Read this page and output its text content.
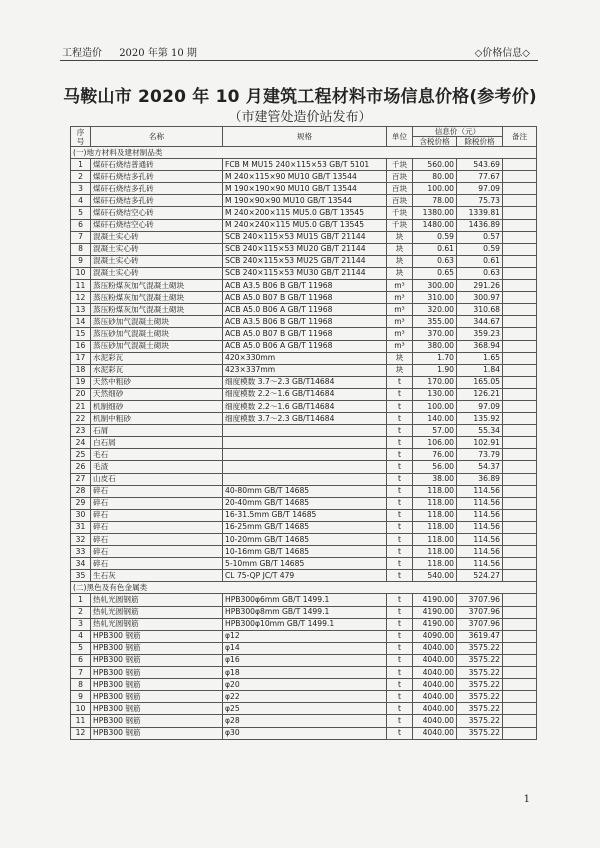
工程造价 2020 年第 10 期	◇价格信息◇
马鞍山市 2020 年 10 月建筑工程材料市场信息价格(参考价)
（市建管处造价站发布）
序号	名称	规格	单位	信息价（元）		备注
				含税价格	除税价格	
(一)地方材料及建材制品类						
1	煤矸石烧结普通砖	FCB M MU15 240×115×53 GB/T 5101	千块	560.00	543.69	
2	煤矸石烧结多孔砖	M 240×115×90 MU10 GB/T 13544	百块	80.00	77.67	
3	煤矸石烧结多孔砖	M 190×190×90 MU10 GB/T 13544	百块	100.00	97.09	
4	煤矸石烧结多孔砖	M 190×90×90 MU10 GB/T 13544	百块	78.00	75.73	
5	煤矸石烧结空心砖	M 240×200×115 MU5.0 GB/T 13545	千块	1380.00	1339.81	
6	煤矸石烧结空心砖	M 240×240×115 MU5.0 GB/T 13545	千块	1480.00	1436.89	
7	混凝土实心砖	SCB 240×115×53 MU15 GB/T 21144	块	0.59	0.57	
8	混凝土实心砖	SCB 240×115×53 MU20 GB/T 21144	块	0.61	0.59	
9	混凝土实心砖	SCB 240×115×53 MU25 GB/T 21144	块	0.63	0.61	
10	混凝土实心砖	SCB 240×115×53 MU30 GB/T 21144	块	0.65	0.63	
11	蒸压粉煤灰加气混凝土砌块	ACB A3.5 B06 B GB/T 11968	m³	300.00	291.26	
12	蒸压粉煤灰加气混凝土砌块	ACB A5.0 B07 B GB/T 11968	m³	310.00	300.97	
13	蒸压粉煤灰加气混凝土砌块	ACB A5.0 B06 A GB/T 11968	m³	320.00	310.68	
14	蒸压砂加气混凝土砌块	ACB A3.5 B06 B GB/T 11968	m³	355.00	344.67	
15	蒸压砂加气混凝土砌块	ACB A5.0 B07 B GB/T 11968	m³	370.00	359.23	
16	蒸压砂加气混凝土砌块	ACB A5.0 B06 A GB/T 11968	m³	380.00	368.94	
17	水泥彩瓦	420×330mm	块	1.70	1.65	
18	水泥彩瓦	423×337mm	块	1.90	1.84	
19	天然中粗砂	细度模数 3.7～2.3 GB/T14684	t	170.00	165.05	
20	天然细砂	细度模数 2.2～1.6 GB/T14684	t	130.00	126.21	
21	机制细砂	细度模数 2.2～1.6 GB/T14684	t	100.00	97.09	
22	机制中粗砂	细度模数 3.7～2.3 GB/T14684	t	140.00	135.92	
23	石屑		t	57.00	55.34	
24	白石屑		t	106.00	102.91	
25	毛石		t	76.00	73.79	
26	毛渣		t	56.00	54.37	
27	山皮石		t	38.00	36.89	
28	碎石	40-80mm GB/T 14685	t	118.00	114.56	
29	碎石	20-40mm GB/T 14685	t	118.00	114.56	
30	碎石	16-31.5mm GB/T 14685	t	118.00	114.56	
31	碎石	16-25mm GB/T 14685	t	118.00	114.56	
32	碎石	10-20mm GB/T 14685	t	118.00	114.56	
33	碎石	10-16mm GB/T 14685	t	118.00	114.56	
34	碎石	5-10mm GB/T 14685	t	118.00	114.56	
35	生石灰	CL 75-QP JC/T 479	t	540.00	524.27	
(二)黑色及有色金属类						
1	热轧光圆钢筋	HPB300φ6mm GB/T 1499.1	t	4190.00	3707.96	
2	热轧光圆钢筋	HPB300φ8mm GB/T 1499.1	t	4190.00	3707.96	
3	热轧光圆钢筋	HPB300φ10mm GB/T 1499.1	t	4190.00	3707.96	
4	HPB300 钢筋	φ12	t	4090.00	3619.47	
5	HPB300 钢筋	φ14	t	4040.00	3575.22	
6	HPB300 钢筋	φ16	t	4040.00	3575.22	
7	HPB300 钢筋	φ18	t	4040.00	3575.22	
8	HPB300 钢筋	φ20	t	4040.00	3575.22	
9	HPB300 钢筋	φ22	t	4040.00	3575.22	
10	HPB300 钢筋	φ25	t	4040.00	3575.22	
11	HPB300 钢筋	φ28	t	4040.00	3575.22	
12	HPB300 钢筋	φ30	t	4040.00	3575.22	
1
